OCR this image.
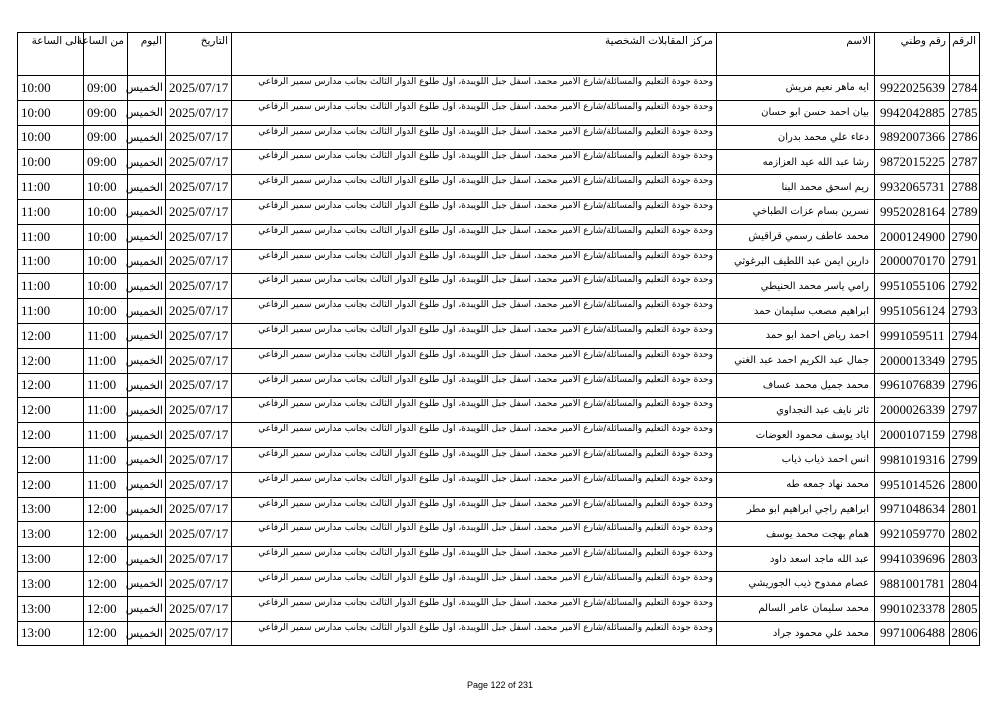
الرقم	رقم وطني	الاسم	مركز المقابلات الشخصية	التاريخ	اليوم	من الساعة	الى الساعة
2784	9922025639	ايه ماهر نعيم مريش	وحدة جودة التعليم والمسائلة/شارع الامير محمد، اسفل جبل اللويبدة، اول طلوع الدوار الثالث بجانب مدارس سمير الرفاعي	2025/07/17	الخميس	09:00	10:00
2785	9942042885	بيان احمد حسن ابو حسان	وحدة جودة التعليم والمسائلة/شارع الامير محمد، اسفل جبل اللويبدة، اول طلوع الدوار الثالث بجانب مدارس سمير الرفاعي	2025/07/17	الخميس	09:00	10:00
2786	9892007366	دعاء علي محمد بدران	وحدة جودة التعليم والمسائلة/شارع الامير محمد، اسفل جبل اللويبدة، اول طلوع الدوار الثالث بجانب مدارس سمير الرفاعي	2025/07/17	الخميس	09:00	10:00
2787	9872015225	رشا عبد الله عيد العزازمه	وحدة جودة التعليم والمسائلة/شارع الامير محمد، اسفل جبل اللويبدة، اول طلوع الدوار الثالث بجانب مدارس سمير الرفاعي	2025/07/17	الخميس	09:00	10:00
2788	9932065731	ريم اسحق محمد البنا	وحدة جودة التعليم والمسائلة/شارع الامير محمد، اسفل جبل اللويبدة، اول طلوع الدوار الثالث بجانب مدارس سمير الرفاعي	2025/07/17	الخميس	10:00	11:00
2789	9952028164	نسرين بسام عزات الطباخي	وحدة جودة التعليم والمسائلة/شارع الامير محمد، اسفل جبل اللويبدة، اول طلوع الدوار الثالث بجانب مدارس سمير الرفاعي	2025/07/17	الخميس	10:00	11:00
2790	2000124900	محمد عاطف رسمي قراقيش	وحدة جودة التعليم والمسائلة/شارع الامير محمد، اسفل جبل اللويبدة، اول طلوع الدوار الثالث بجانب مدارس سمير الرفاعي	2025/07/17	الخميس	10:00	11:00
2791	2000070170	دارين ايمن عبد اللطيف البرغوثي	وحدة جودة التعليم والمسائلة/شارع الامير محمد، اسفل جبل اللويبدة، اول طلوع الدوار الثالث بجانب مدارس سمير الرفاعي	2025/07/17	الخميس	10:00	11:00
2792	9951055106	رامي ياسر محمد الحنيطي	وحدة جودة التعليم والمسائلة/شارع الامير محمد، اسفل جبل اللويبدة، اول طلوع الدوار الثالث بجانب مدارس سمير الرفاعي	2025/07/17	الخميس	10:00	11:00
2793	9951056124	ابراهيم مصعب سليمان حمد	وحدة جودة التعليم والمسائلة/شارع الامير محمد، اسفل جبل اللويبدة، اول طلوع الدوار الثالث بجانب مدارس سمير الرفاعي	2025/07/17	الخميس	10:00	11:00
2794	9991059511	احمد رياض احمد ابو حمد	وحدة جودة التعليم والمسائلة/شارع الامير محمد، اسفل جبل اللويبدة، اول طلوع الدوار الثالث بجانب مدارس سمير الرفاعي	2025/07/17	الخميس	11:00	12:00
2795	2000013349	جمال عبد الكريم احمد عبد الغني	وحدة جودة التعليم والمسائلة/شارع الامير محمد، اسفل جبل اللويبدة، اول طلوع الدوار الثالث بجانب مدارس سمير الرفاعي	2025/07/17	الخميس	11:00	12:00
2796	9961076839	محمد جميل محمد عساف	وحدة جودة التعليم والمسائلة/شارع الامير محمد، اسفل جبل اللويبدة، اول طلوع الدوار الثالث بجانب مدارس سمير الرفاعي	2025/07/17	الخميس	11:00	12:00
2797	2000026339	ثائر نايف عبد النجداوي	وحدة جودة التعليم والمسائلة/شارع الامير محمد، اسفل جبل اللويبدة، اول طلوع الدوار الثالث بجانب مدارس سمير الرفاعي	2025/07/17	الخميس	11:00	12:00
2798	2000107159	اياد يوسف محمود العوضات	وحدة جودة التعليم والمسائلة/شارع الامير محمد، اسفل جبل اللويبدة، اول طلوع الدوار الثالث بجانب مدارس سمير الرفاعي	2025/07/17	الخميس	11:00	12:00
2799	9981019316	انس احمد ذياب ذياب	وحدة جودة التعليم والمسائلة/شارع الامير محمد، اسفل جبل اللويبدة، اول طلوع الدوار الثالث بجانب مدارس سمير الرفاعي	2025/07/17	الخميس	11:00	12:00
2800	9951014526	محمد نهاد جمعه طه	وحدة جودة التعليم والمسائلة/شارع الامير محمد، اسفل جبل اللويبدة، اول طلوع الدوار الثالث بجانب مدارس سمير الرفاعي	2025/07/17	الخميس	11:00	12:00
2801	9971048634	ابراهيم راجي ابراهيم ابو مطر	وحدة جودة التعليم والمسائلة/شارع الامير محمد، اسفل جبل اللويبدة، اول طلوع الدوار الثالث بجانب مدارس سمير الرفاعي	2025/07/17	الخميس	12:00	13:00
2802	9921059770	همام بهجت محمد يوسف	وحدة جودة التعليم والمسائلة/شارع الامير محمد، اسفل جبل اللويبدة، اول طلوع الدوار الثالث بجانب مدارس سمير الرفاعي	2025/07/17	الخميس	12:00	13:00
2803	9941039696	عبد الله ماجد اسعد داود	وحدة جودة التعليم والمسائلة/شارع الامير محمد، اسفل جبل اللويبدة، اول طلوع الدوار الثالث بجانب مدارس سمير الرفاعي	2025/07/17	الخميس	12:00	13:00
2804	9881001781	عصام ممدوح ذيب الجوريشي	وحدة جودة التعليم والمسائلة/شارع الامير محمد، اسفل جبل اللويبدة، اول طلوع الدوار الثالث بجانب مدارس سمير الرفاعي	2025/07/17	الخميس	12:00	13:00
2805	9901023378	محمد سليمان عامر السالم	وحدة جودة التعليم والمسائلة/شارع الامير محمد، اسفل جبل اللويبدة، اول طلوع الدوار الثالث بجانب مدارس سمير الرفاعي	2025/07/17	الخميس	12:00	13:00
2806	9971006488	محمد علي محمود جراد	وحدة جودة التعليم والمسائلة/شارع الامير محمد، اسفل جبل اللويبدة، اول طلوع الدوار الثالث بجانب مدارس سمير الرفاعي	2025/07/17	الخميس	12:00	13:00
Page 122 of 231
